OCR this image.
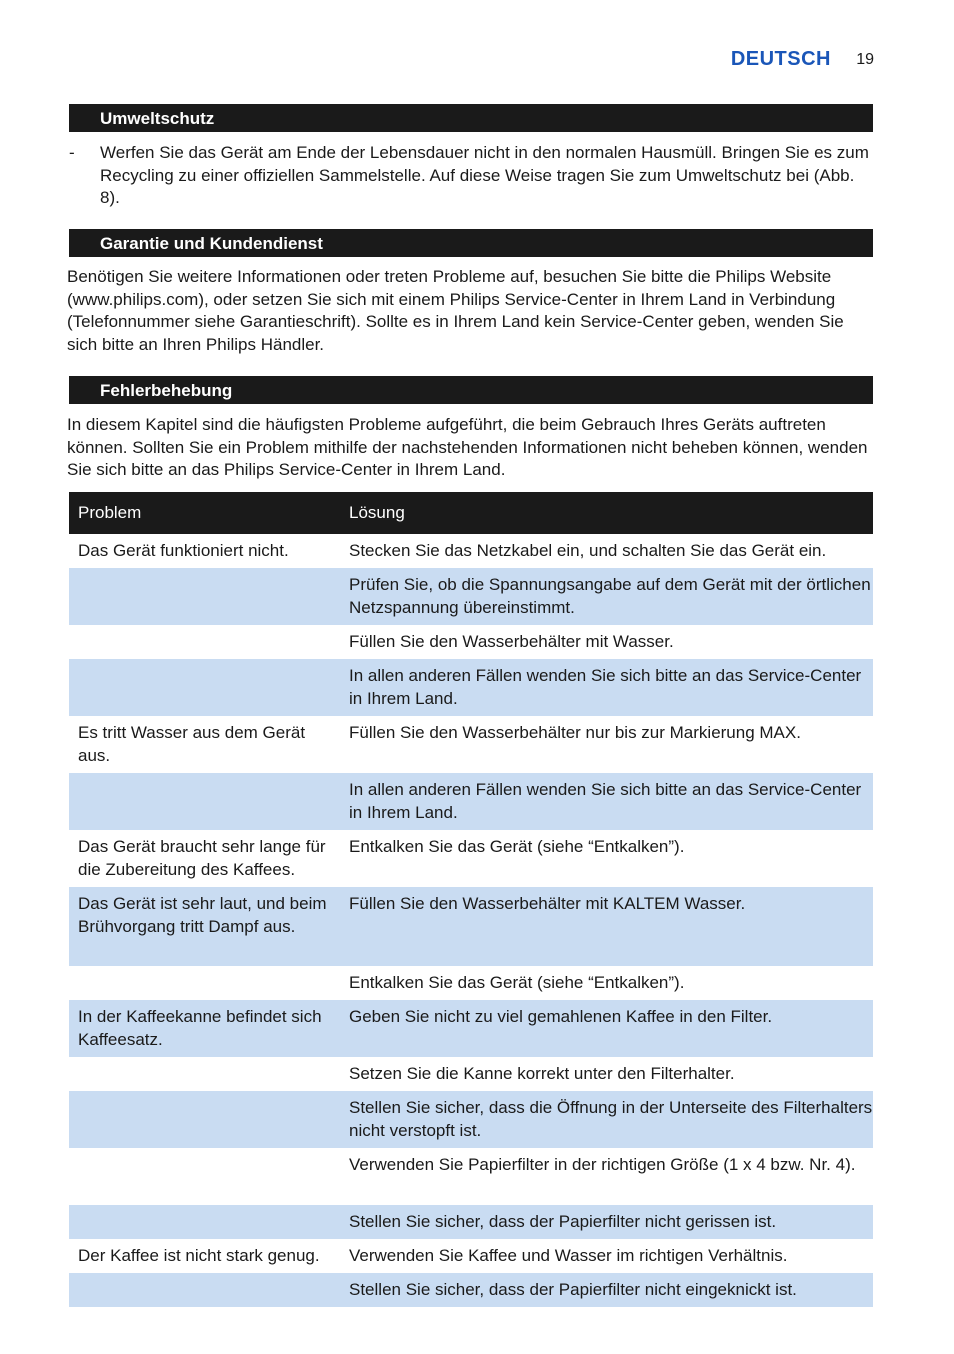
DEUTSCH 19
Umweltschutz
-	Werfen Sie das Gerät am Ende der Lebensdauer nicht in den normalen Hausmüll. Bringen Sie es zum Recycling zu einer offiziellen Sammelstelle. Auf diese Weise tragen Sie zum Umweltschutz bei (Abb. 8).
Garantie und Kundendienst
Benötigen Sie weitere Informationen oder treten Probleme auf, besuchen Sie bitte die Philips Website (www.philips.com), oder setzen Sie sich mit einem Philips Service-Center in Ihrem Land in Verbindung (Telefonnummer siehe Garantieschrift). Sollte es in Ihrem Land kein Service-Center geben, wenden Sie sich bitte an Ihren Philips Händler.
Fehlerbehebung
In diesem Kapitel sind die häufigsten Probleme aufgeführt, die beim Gebrauch Ihres Geräts auftreten können. Sollten Sie ein Problem mithilfe der nachstehenden Informationen nicht beheben können, wenden Sie sich bitte an das Philips Service-Center in Ihrem Land.
Problem	Lösung
Das Gerät funktioniert nicht.	Stecken Sie das Netzkabel ein, und schalten Sie das Gerät ein.
	Prüfen Sie, ob die Spannungsangabe auf dem Gerät mit der örtlichen Netzspannung übereinstimmt.
	Füllen Sie den Wasserbehälter mit Wasser.
	In allen anderen Fällen wenden Sie sich bitte an das Service-Center in Ihrem Land.
Es tritt Wasser aus dem Gerät aus.	Füllen Sie den Wasserbehälter nur bis zur Markierung MAX.
	In allen anderen Fällen wenden Sie sich bitte an das Service-Center in Ihrem Land.
Das Gerät braucht sehr lange für die Zubereitung des Kaffees.	Entkalken Sie das Gerät (siehe “Entkalken”).
Das Gerät ist sehr laut, und beim Brühvorgang tritt Dampf aus.	Füllen Sie den Wasserbehälter mit KALTEM Wasser.
	Entkalken Sie das Gerät (siehe “Entkalken”).
In der Kaffeekanne befindet sich Kaffeesatz.	Geben Sie nicht zu viel gemahlenen Kaffee in den Filter.
	Setzen Sie die Kanne korrekt unter den Filterhalter.
	Stellen Sie sicher, dass die Öffnung in der Unterseite des Filterhalters nicht verstopft ist.
	Verwenden Sie Papierfilter in der richtigen Größe (1 x 4 bzw. Nr. 4).
	Stellen Sie sicher, dass der Papierfilter nicht gerissen ist.
Der Kaffee ist nicht stark genug.	Verwenden Sie Kaffee und Wasser im richtigen Verhältnis.
	Stellen Sie sicher, dass der Papierfilter nicht eingeknickt ist.
